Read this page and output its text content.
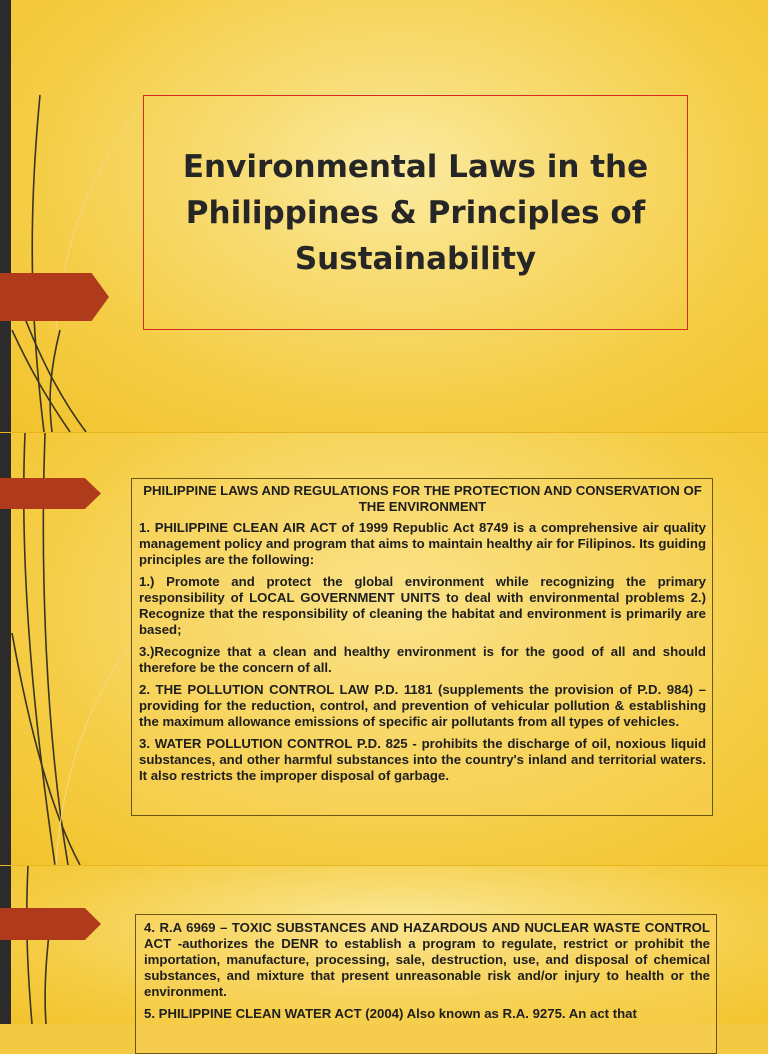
Environmental Laws in the
Philippines & Principles of
Sustainability

PHILIPPINE LAWS AND REGULATIONS FOR THE PROTECTION AND CONSERVATION OF THE ENVIRONMENT

1. PHILIPPINE CLEAN AIR ACT of 1999 Republic Act 8749 is a comprehensive air quality management policy and program that aims to maintain healthy air for Filipinos. Its guiding principles are the following:

1.) Promote and protect the global environment while recognizing the primary responsibility of LOCAL GOVERNMENT UNITS to deal with environmental problems 2.) Recognize that the responsibility of cleaning the habitat and environment is primarily are based;

3.)Recognize that a clean and healthy environment is for the good of all and should therefore be the concern of all.

2. THE POLLUTION CONTROL LAW P.D. 1181 (supplements the provision of P.D. 984) – providing for the reduction, control, and prevention of vehicular pollution & establishing the maximum allowance emissions of specific air pollutants from all types of vehicles.

3. WATER POLLUTION CONTROL P.D. 825 - prohibits the discharge of oil, noxious liquid substances, and other harmful substances into the country's inland and territorial waters. It also restricts the improper disposal of garbage.

4. R.A 6969 – TOXIC SUBSTANCES AND HAZARDOUS AND NUCLEAR WASTE CONTROL ACT -authorizes the DENR to establish a program to regulate, restrict or prohibit the importation, manufacture, processing, sale, destruction, use, and disposal of chemical substances, and mixture that present unreasonable risk and/or injury to health or the environment.

5. PHILIPPINE CLEAN WATER ACT (2004) Also known as R.A. 9275. An act that
